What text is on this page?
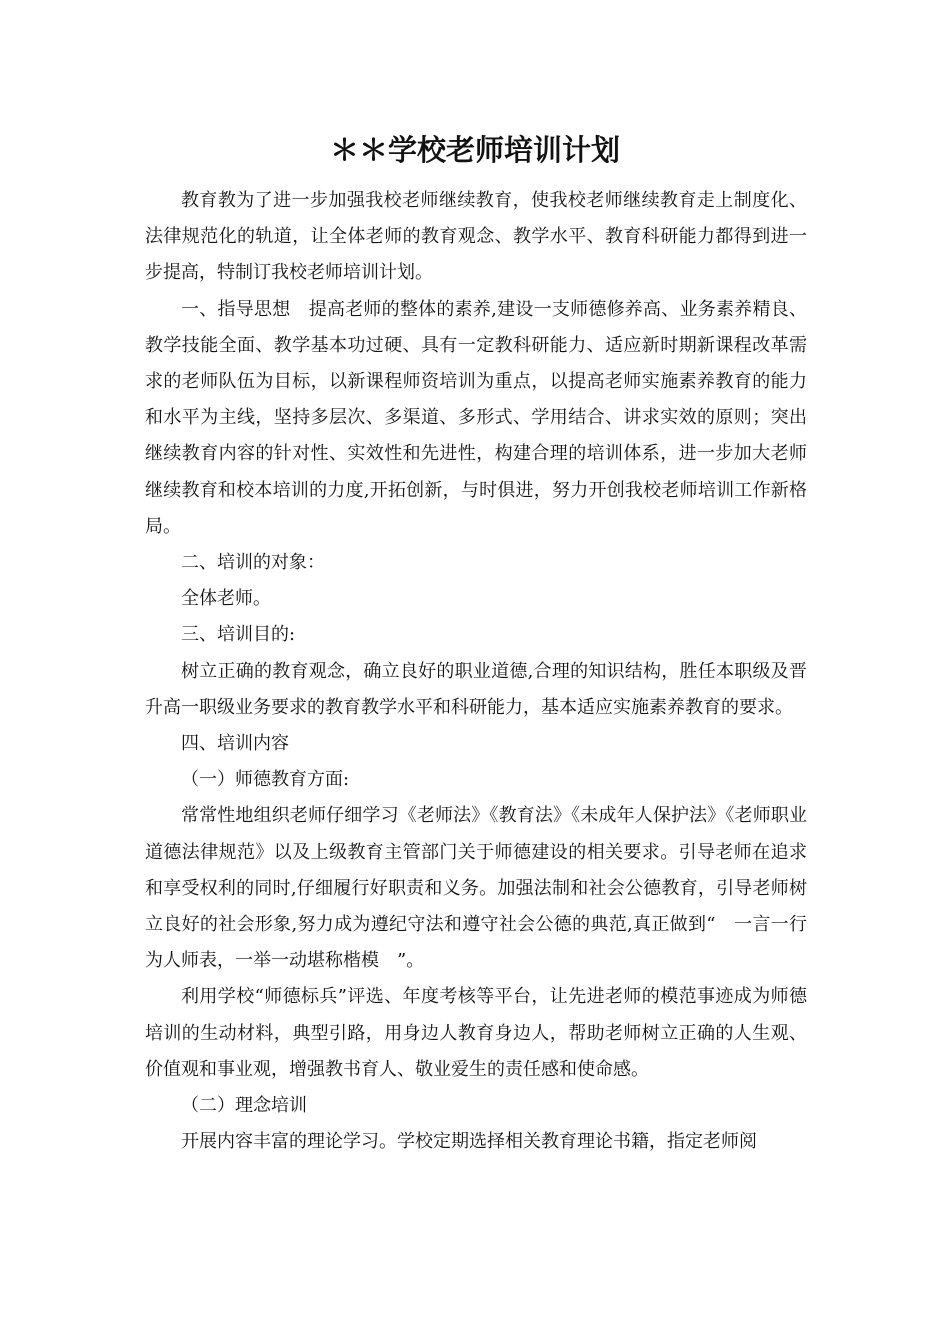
＊＊学校老师培训计划

教育教为了进一步加强我校老师继续教育，使我校老师继续教育走上制度化、法律规范化的轨道，让全体老师的教育观念、教学水平、教育科研能力都得到进一步提高，特制订我校老师培训计划。

一、指导思想　提高老师的整体的素养,建设一支师德修养高、业务素养精良、教学技能全面、教学基本功过硬、具有一定教科研能力、适应新时期新课程改革需求的老师队伍为目标，以新课程师资培训为重点，以提高老师实施素养教育的能力和水平为主线，坚持多层次、多渠道、多形式、学用结合、讲求实效的原则；突出继续教育内容的针对性、实效性和先进性，构建合理的培训体系，进一步加大老师继续教育和校本培训的力度,开拓创新，与时俱进，努力开创我校老师培训工作新格局。

二、培训的对象：

全体老师。

三、培训目的:

树立正确的教育观念，确立良好的职业道德,合理的知识结构，胜任本职级及晋升高一职级业务要求的教育教学水平和科研能力，基本适应实施素养教育的要求。

四、培训内容

（一）师德教育方面:

常常性地组织老师仔细学习《老师法》《教育法》《未成年人保护法》《老师职业道德法律规范》以及上级教育主管部门关于师德建设的相关要求。引导老师在追求和享受权利的同时,仔细履行好职责和义务。加强法制和社会公德教育，引导老师树立良好的社会形象,努力成为遵纪守法和遵守社会公德的典范,真正做到“　一言一行为人师表，一举一动堪称楷模　”。

利用学校“师德标兵”评选、年度考核等平台，让先进老师的模范事迹成为师德培训的生动材料，典型引路，用身边人教育身边人，帮助老师树立正确的人生观、价值观和事业观，增强教书育人、敬业爱生的责任感和使命感。

（二）理念培训

开展内容丰富的理论学习。学校定期选择相关教育理论书籍，指定老师阅
